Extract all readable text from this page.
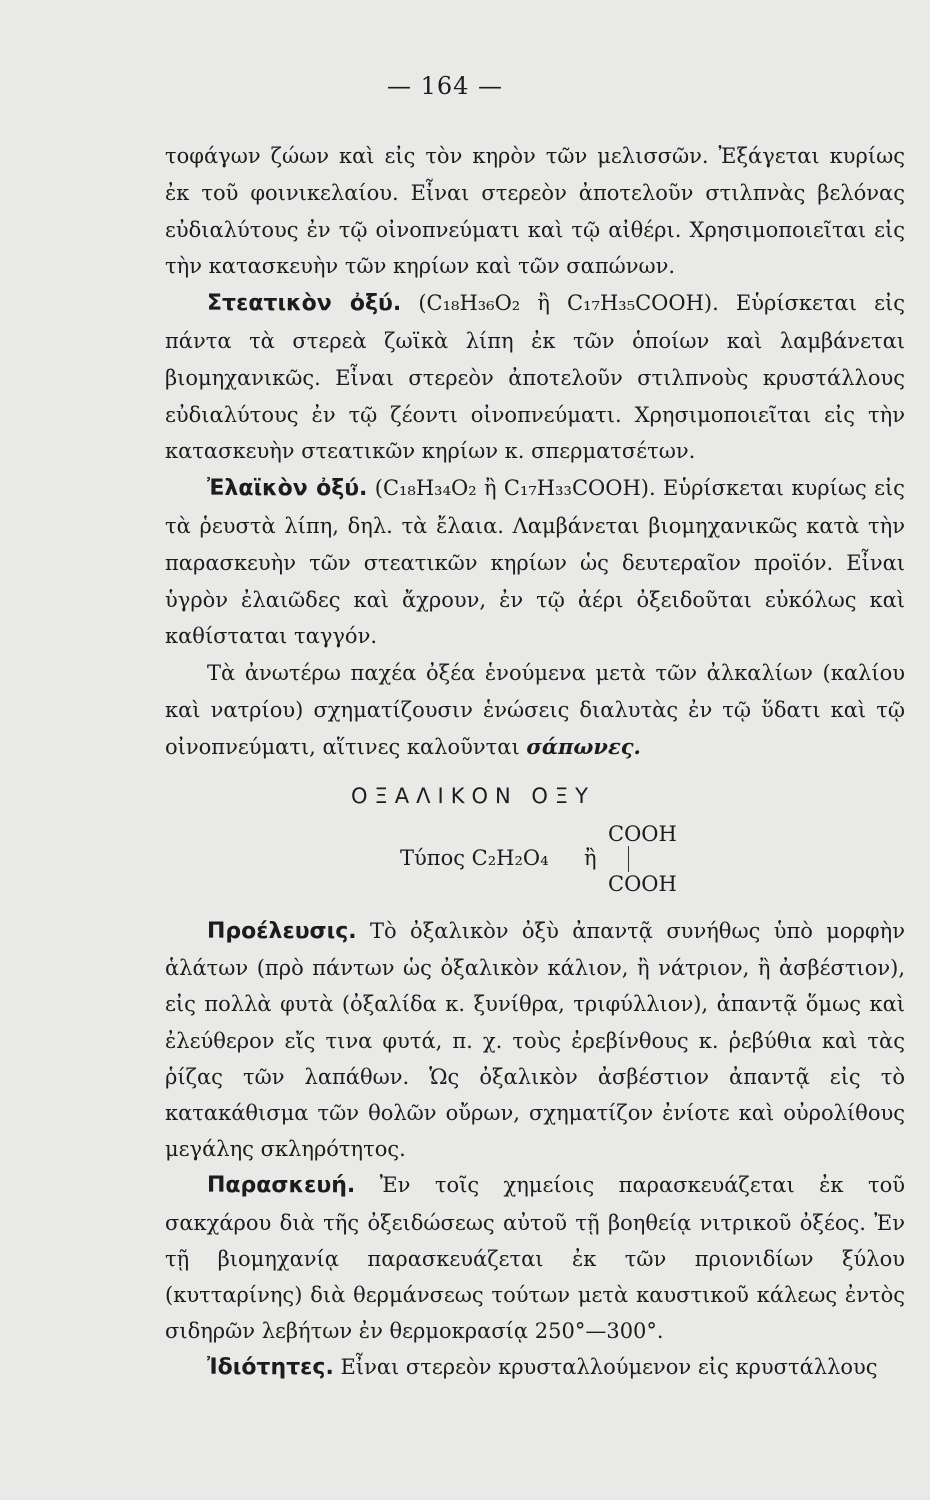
— 164 —

τοφάγων ζώων καὶ εἰς τὸν κηρὸν τῶν μελισσῶν. Ἐξάγεται κυρίως ἐκ τοῦ φοινικελαίου. Εἶναι στερεὸν ἀποτελοῦν στιλπνὰς βελόνας εὐδιαλύτους ἐν τῷ οἰνοπνεύματι καὶ τῷ αἰθέρι. Χρησιμοποιεῖται εἰς τὴν κατασκευὴν τῶν κηρίων καὶ τῶν σαπώνων.

Στεατικὸν ὀξύ. (C₁₈H₃₆O₂ ἢ C₁₇H₃₅COOH). Εὑρίσκεται εἰς πάντα τὰ στερεὰ ζωϊκὰ λίπη ἐκ τῶν ὁποίων καὶ λαμβάνεται βιομηχανικῶς. Εἶναι στερεὸν ἀποτελοῦν στιλπνοὺς κρυστάλλους εὐδιαλύτους ἐν τῷ ζέοντι οἰνοπνεύματι. Χρησιμοποιεῖται εἰς τὴν κατασκευὴν στεατικῶν κηρίων κ. σπερματσέτων.

Ἐλαϊκὸν ὀξύ. (C₁₈H₃₄O₂ ἢ C₁₇H₃₃COOH). Εὑρίσκεται κυρίως εἰς τὰ ῥευστὰ λίπη, δηλ. τὰ ἔλαια. Λαμβάνεται βιομηχανικῶς κατὰ τὴν παρασκευὴν τῶν στεατικῶν κηρίων ὡς δευτεραῖον προϊόν. Εἶναι ὑγρὸν ἐλαιῶδες καὶ ἄχρουν, ἐν τῷ ἀέρι ὀξειδοῦται εὐκόλως καὶ καθίσταται ταγγόν.

Τὰ ἀνωτέρω παχέα ὀξέα ἑνούμενα μετὰ τῶν ἀλκαλίων (καλίου καὶ νατρίου) σχηματίζουσιν ἑνώσεις διαλυτὰς ἐν τῷ ὕδατι καὶ τῷ οἰνοπνεύματι, αἵτινες καλοῦνται σάπωνες.

ΟΞΑΛΙΚΟΝ ΟΞΥ
Τύπος C₂H₂O₄ ἢ
COOH
COOH

Προέλευσις. Τὸ ὀξαλικὸν ὀξὺ ἀπαντᾷ συνήθως ὑπὸ μορφὴν ἁλάτων (πρὸ πάντων ὡς ὀξαλικὸν κάλιον, ἢ νάτριον, ἢ ἀσβέστιον), εἰς πολλὰ φυτὰ (ὀξαλίδα κ. ξυνίθρα, τριφύλλιον), ἀπαντᾷ ὅμως καὶ ἐλεύθερον εἴς τινα φυτά, π. χ. τοὺς ἐρεβίνθους κ. ῥεβύθια καὶ τὰς ῥίζας τῶν λαπάθων. Ὡς ὀξαλικὸν ἀσβέστιον ἀπαντᾷ εἰς τὸ κατακάθισμα τῶν θολῶν οὔρων, σχηματίζον ἐνίοτε καὶ οὐρολίθους μεγάλης σκληρότητος.

Παρασκευή. Ἐν τοῖς χημείοις παρασκευάζεται ἐκ τοῦ σακχάρου διὰ τῆς ὀξειδώσεως αὐτοῦ τῇ βοηθείᾳ νιτρικοῦ ὀξέος. Ἐν τῇ βιομηχανίᾳ παρασκευάζεται ἐκ τῶν πριονιδίων ξύλου (κυτταρίνης) διὰ θερμάνσεως τούτων μετὰ καυστικοῦ κάλεως ἐντὸς σιδηρῶν λεβήτων ἐν θερμοκρασίᾳ 250°—300°.

Ἰδιότητες. Εἶναι στερεὸν κρυσταλλούμενον εἰς κρυστάλλους
